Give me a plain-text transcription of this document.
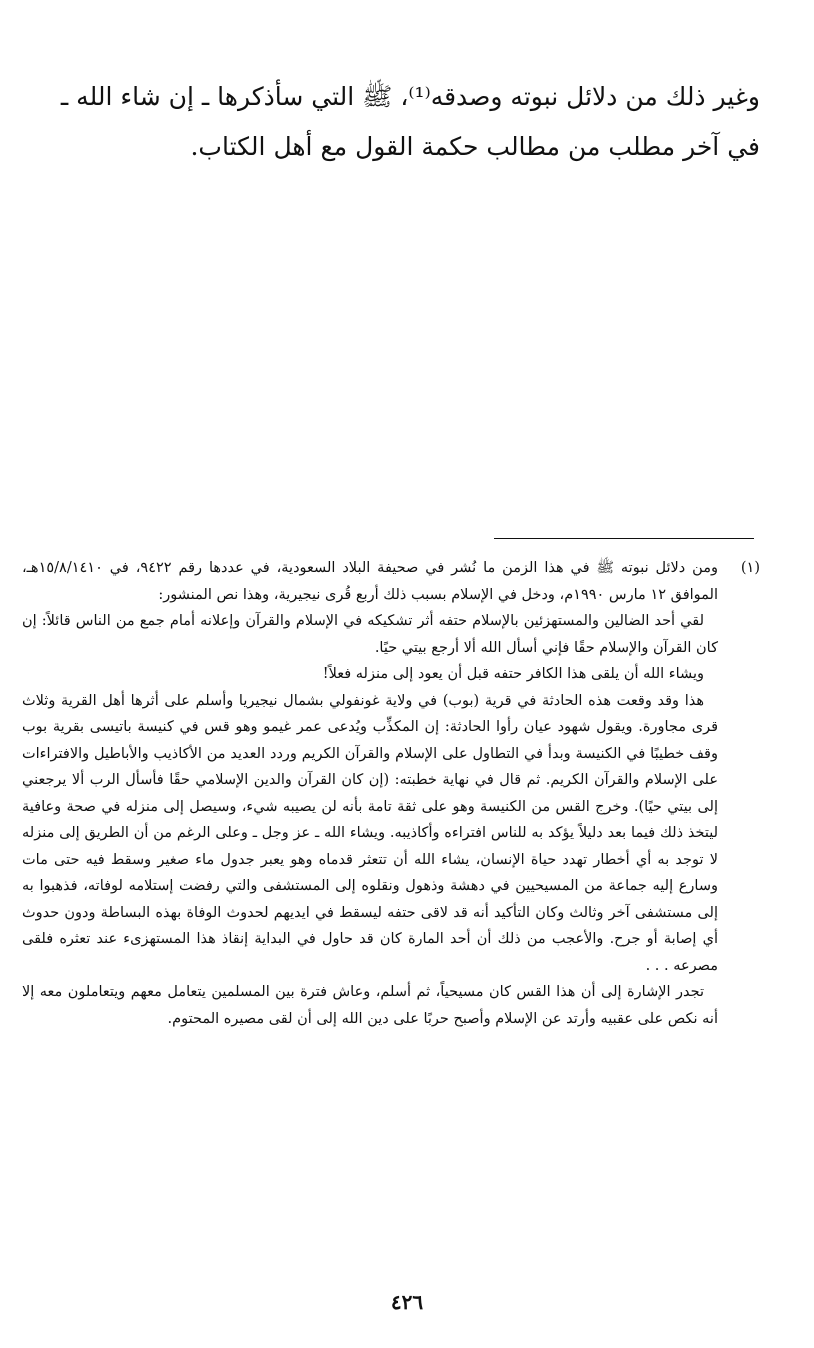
وغير ذلك من دلائل نبوته وصدقه⁽¹⁾، ﷺ التي سأذكرها ـ إن شاء الله ـ في آخر مطلب من مطالب حكمة القول مع أهل الكتاب.

(١)

ومن دلائل نبوته ﷺ في هذا الزمن ما نُشر في صحيفة البلاد السعودية، في عددها رقم ٩٤٢٢، في ١٥/٨/١٤١٠هـ، الموافق ١٢ مارس ١٩٩٠م، ودخل في الإسلام بسبب ذلك أربع قُرى نيجيرية، وهذا نص المنشور:

لقي أحد الضالين والمستهزئين بالإسلام حتفه أثر تشكيكه في الإسلام والقرآن وإعلانه أمام جمع من الناس قائلاً: إن كان القرآن والإسلام حقًا فإني أسأل الله ألا أرجع بيتي حيًا.

ويشاء الله أن يلقى هذا الكافر حتفه قبل أن يعود إلى منزله فعلاً!

هذا وقد وقعت هذه الحادثة في قرية (بوب) في ولاية غونفولي بشمال نيجيريا وأسلم على أثرها أهل القرية وثلاث قرى مجاورة. ويقول شهود عيان رأوا الحادثة: إن المكذِّب ويُدعى عمر غيمو وهو قس في كنيسة باتيسى بقرية بوب وقف خطيبًا في الكنيسة وبدأ في التطاول على الإسلام والقرآن الكريم وردد العديد من الأكاذيب والأباطيل والافتراءات على الإسلام والقرآن الكريم. ثم قال في نهاية خطبته: (إن كان القرآن والدين الإسلامي حقًا فأسأل الرب ألا يرجعني إلى بيتي حيًا). وخرج القس من الكنيسة وهو على ثقة تامة بأنه لن يصيبه شيء، وسيصل إلى منزله في صحة وعافية ليتخذ ذلك فيما بعد دليلاً يؤكد به للناس افتراءه وأكاذيبه. ويشاء الله ـ عز وجل ـ وعلى الرغم من أن الطريق إلى منزله لا توجد به أي أخطار تهدد حياة الإنسان، يشاء الله أن تتعثر قدماه وهو يعبر جدول ماء صغير وسقط فيه حتى مات وسارع إليه جماعة من المسيحيين في دهشة وذهول ونقلوه إلى المستشفى والتي رفضت إستلامه لوفاته، فذهبوا به إلى مستشفى آخر وثالث وكان التأكيد أنه قد لاقى حتفه ليسقط في ايديهم لحدوث الوفاة بهذه البساطة ودون حدوث أي إصابة أو جرح. والأعجب من ذلك أن أحد المارة كان قد حاول في البداية إنقاذ هذا المستهزىء عند تعثره فلقى مصرعه . . .

تجدر الإشارة إلى أن هذا القس كان مسيحياً، ثم أسلم، وعاش فترة بين المسلمين يتعامل معهم ويتعاملون معه إلا أنه نكص على عقبيه وأرتد عن الإسلام وأصبح حربًا على دين الله إلى أن لقى مصيره المحتوم.

٤٢٦
